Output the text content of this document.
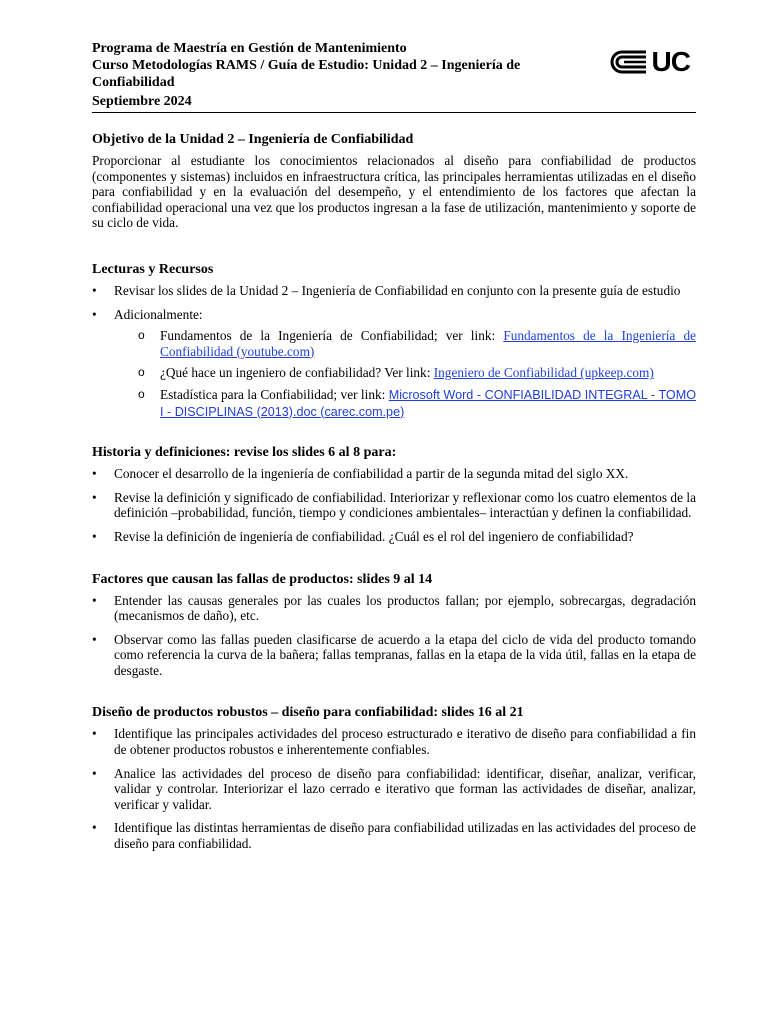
Programa de Maestría en Gestión de Mantenimiento
Curso Metodologías RAMS / Guía de Estudio: Unidad 2 – Ingeniería de Confiabilidad
Septiembre 2024
UC
Objetivo de la Unidad 2 – Ingeniería de Confiabilidad

Proporcionar al estudiante los conocimientos relacionados al diseño para confiabilidad de productos (componentes y sistemas) incluidos en infraestructura crítica, las principales herramientas utilizadas en el diseño para confiabilidad y en la evaluación del desempeño, y el entendimiento de los factores que afectan la confiabilidad operacional una vez que los productos ingresan a la fase de utilización, mantenimiento y soporte de su ciclo de vida.

Lecturas y Recursos
• Revisar los slides de la Unidad 2 – Ingeniería de Confiabilidad en conjunto con la presente guía de estudio
• Adicionalmente:
o Fundamentos de la Ingeniería de Confiabilidad; ver link: Fundamentos de la Ingeniería de Confiabilidad (youtube.com)
o ¿Qué hace un ingeniero de confiabilidad? Ver link: Ingeniero de Confiabilidad (upkeep.com)
o Estadística para la Confiabilidad; ver link: Microsoft Word - CONFIABILIDAD INTEGRAL - TOMO I - DISCIPLINAS (2013).doc (carec.com.pe)
Historia y definiciones: revise los slides 6 al 8 para:
• Conocer el desarrollo de la ingeniería de confiabilidad a partir de la segunda mitad del siglo XX.
• Revise la definición y significado de confiabilidad. Interiorizar y reflexionar como los cuatro elementos de la definición –probabilidad, función, tiempo y condiciones ambientales– interactúan y definen la confiabilidad.
• Revise la definición de ingeniería de confiabilidad. ¿Cuál es el rol del ingeniero de confiabilidad?
Factores que causan las fallas de productos: slides 9 al 14
• Entender las causas generales por las cuales los productos fallan; por ejemplo, sobrecargas, degradación (mecanismos de daño), etc.
• Observar como las fallas pueden clasificarse de acuerdo a la etapa del ciclo de vida del producto tomando como referencia la curva de la bañera; fallas tempranas, fallas en la etapa de la vida útil, fallas en la etapa de desgaste.
Diseño de productos robustos – diseño para confiabilidad: slides 16 al 21
• Identifique las principales actividades del proceso estructurado e iterativo de diseño para confiabilidad a fin de obtener productos robustos e inherentemente confiables.
• Analice las actividades del proceso de diseño para confiabilidad: identificar, diseñar, analizar, verificar, validar y controlar. Interiorizar el lazo cerrado e iterativo que forman las actividades de diseñar, analizar, verificar y validar.
• Identifique las distintas herramientas de diseño para confiabilidad utilizadas en las actividades del proceso de diseño para confiabilidad.
